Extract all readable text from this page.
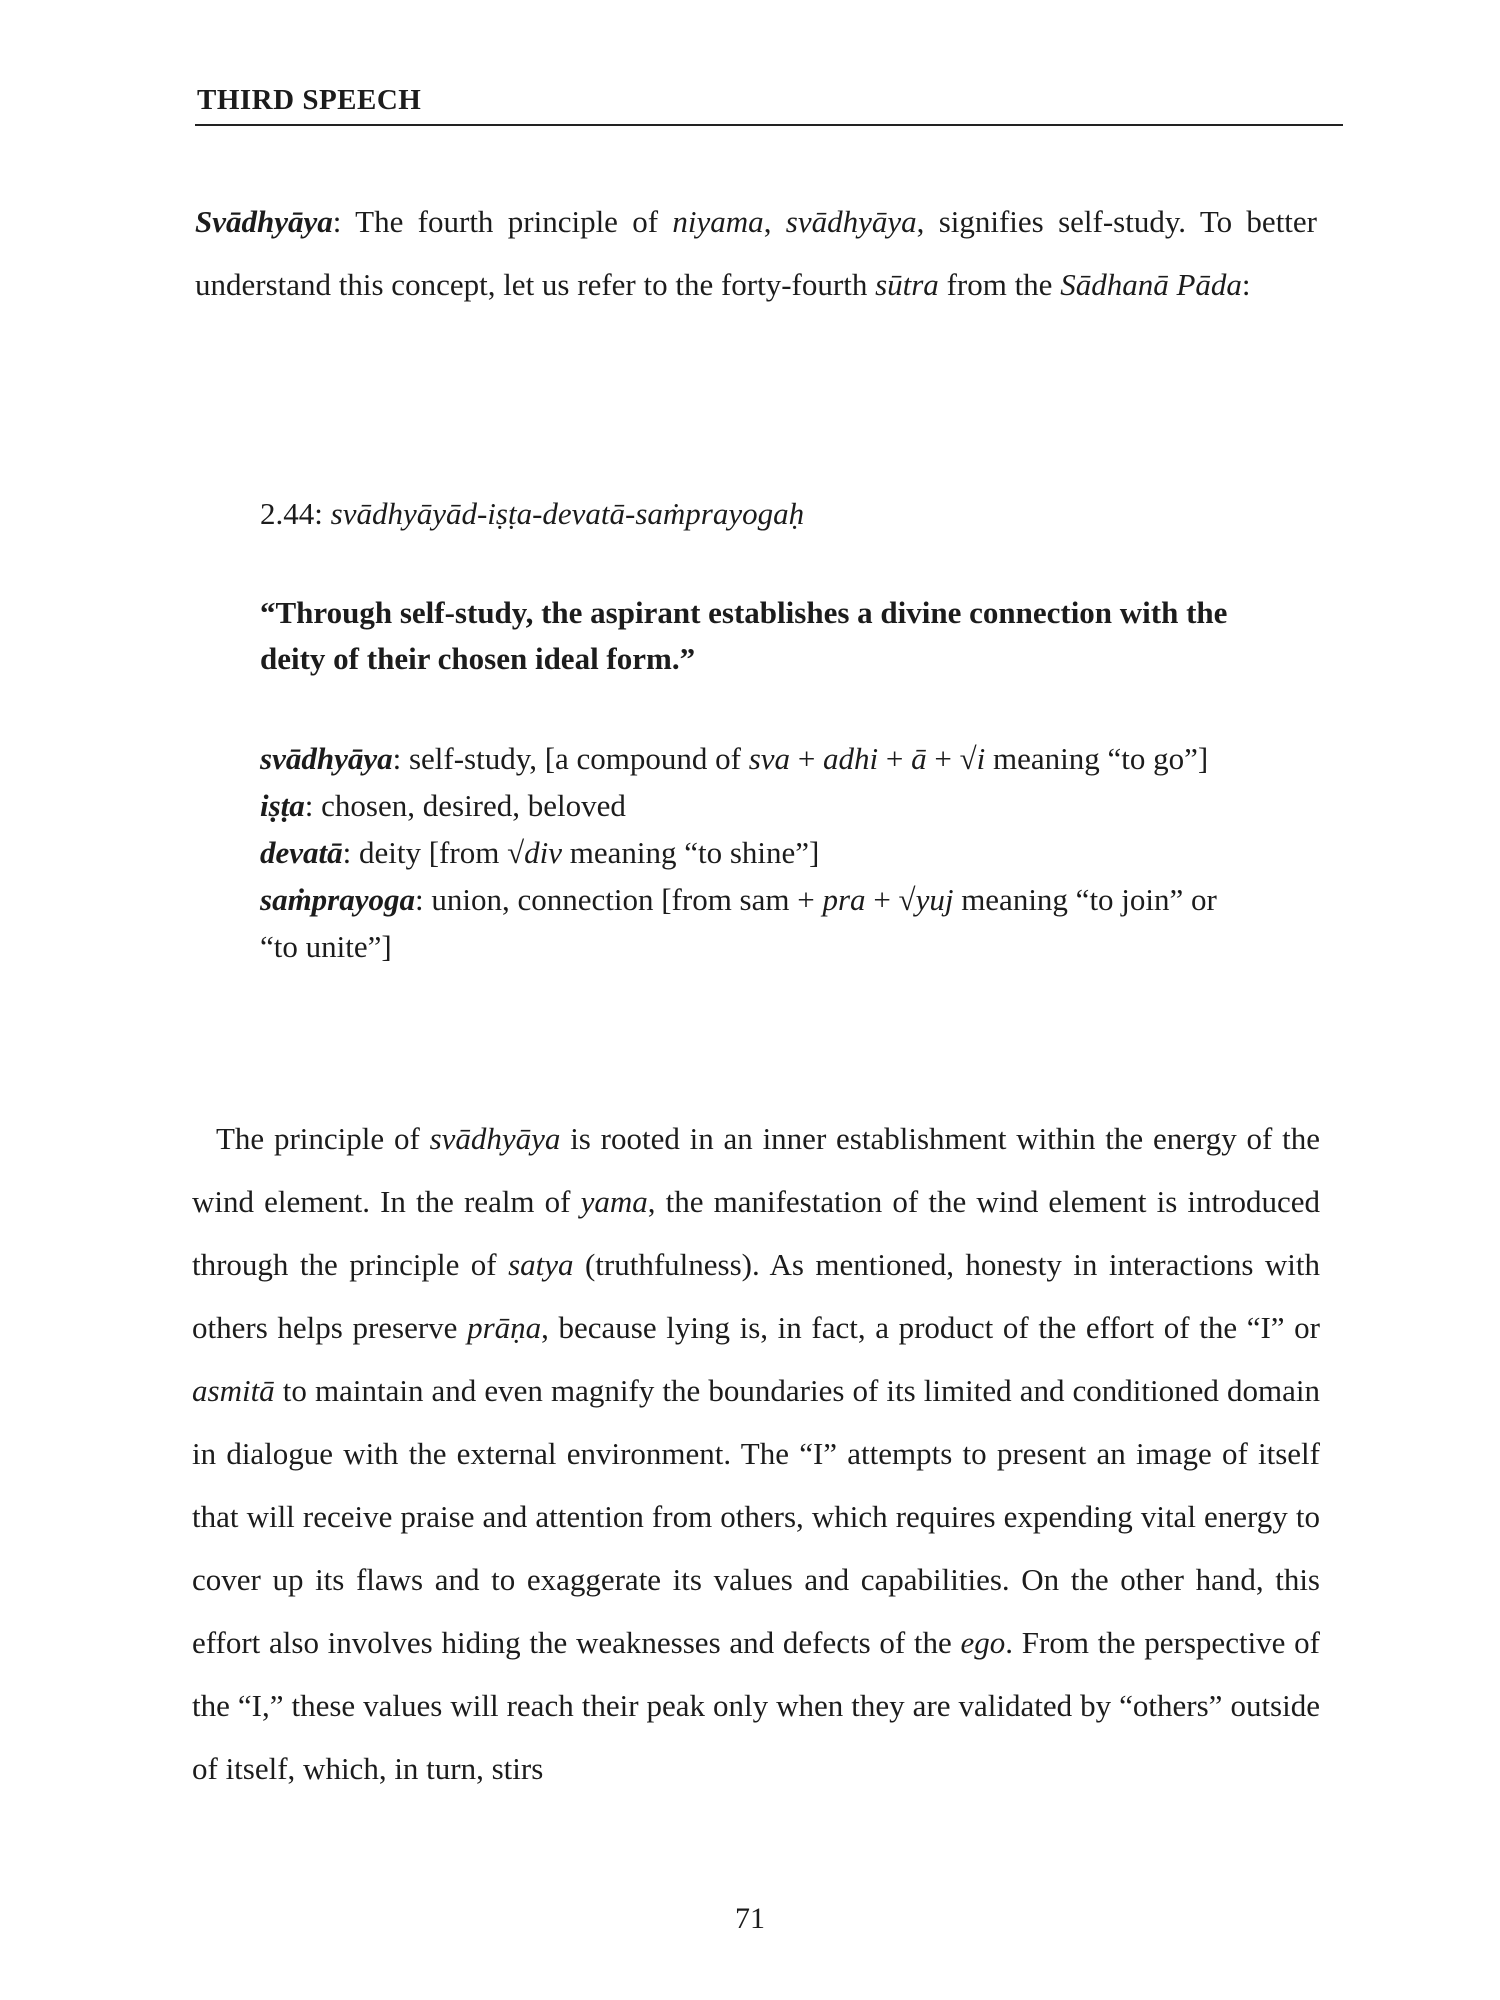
THIRD SPEECH

Svādhyāya: The fourth principle of niyama, svādhyāya, signifies self-study. To better understand this concept, let us refer to the forty-fourth sūtra from the Sādhanā Pāda:

2.44: svādhyāyād-iṣṭa-devatā-saṁprayogaḥ

“Through self-study, the aspirant establishes a divine connection with the deity of their chosen ideal form.”

svādhyāya: self-study, [a compound of sva + adhi + ā + √i meaning “to go”]
iṣṭa: chosen, desired, beloved
devatā: deity [from √div meaning “to shine”]
saṁprayoga: union, connection [from sam + pra + √yuj meaning “to join” or “to unite”]

The principle of svādhyāya is rooted in an inner establishment within the energy of the wind element. In the realm of yama, the manifestation of the wind element is introduced through the principle of satya (truthfulness). As mentioned, honesty in interactions with others helps preserve prāṇa, because lying is, in fact, a product of the effort of the “I” or asmitā to maintain and even magnify the boundaries of its limited and conditioned domain in dialogue with the external environment. The “I” attempts to present an image of itself that will receive praise and attention from others, which requires expending vital energy to cover up its flaws and to exaggerate its values and capabilities. On the other hand, this effort also involves hiding the weaknesses and defects of the ego. From the perspective of the “I,” these values will reach their peak only when they are validated by “others” outside of itself, which, in turn, stirs

71
